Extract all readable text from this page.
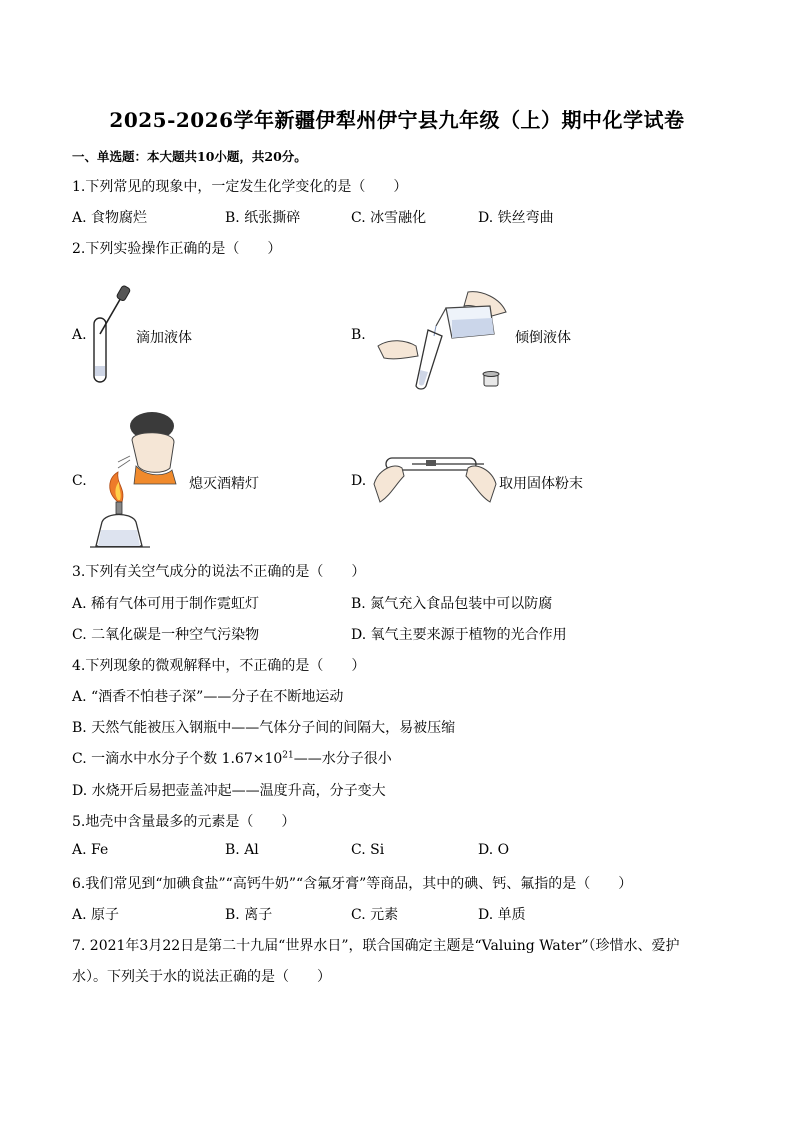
2025-2026学年新疆伊犁州伊宁县九年级（上）期中化学试卷
一、单选题：本大题共10小题，共20分。
1.下列常见的现象中，一定发生化学变化的是（　　）
A. 食物腐烂	B. 纸张撕碎	C. 冰雪融化	D. 铁丝弯曲
2.下列实验操作正确的是（　　）
A.	滴加液体	B.	倾倒液体
C.	熄灭酒精灯	D.	取用固体粉末
3.下列有关空气成分的说法不正确的是（　　）
A. 稀有气体可用于制作霓虹灯	B. 氮气充入食品包装中可以防腐
C. 二氧化碳是一种空气污染物	D. 氧气主要来源于植物的光合作用
4.下列现象的微观解释中，不正确的是（　　）
A. “酒香不怕巷子深”——分子在不断地运动
B. 天然气能被压入钢瓶中——气体分子间的间隔大，易被压缩
C. 一滴水中水分子个数 $1.67\times 10^{21}——$水分子很小
D. 水烧开后易把壶盖冲起——温度升高，分子变大
5.地壳中含量最多的元素是（　　）
A. Fe	B. Al	C. Si	D. O
6.我们常见到“加碘食盐”“高钙牛奶”“含氟牙膏”等商品，其中的碘、钙、氟指的是（　　）
A. 原子	B. 离子	C. 元素	D. 单质
7. 2021年3月22日是第二十九届“世界水日”，联合国确定主题是“Valuing Water”（珍惜水、爱护
水）。下列关于水的说法正确的是（　　）
